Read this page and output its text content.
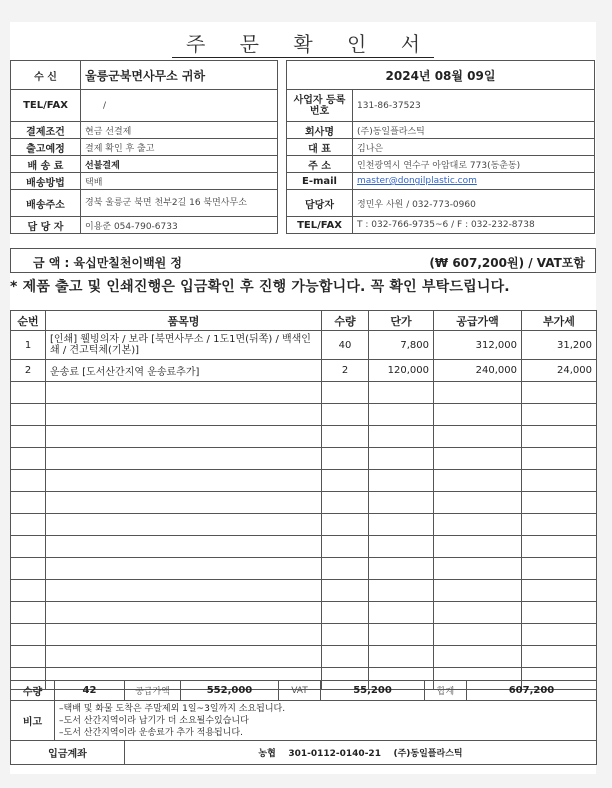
주 문 확 인 서
수 신	울릉군북면사무소 귀하
TEL/FAX	/
결제조건	현금 선결제
출고예정	결제 확인 후 출고
배 송 료	선불결제
배송방법	택배
배송주소	경북 울릉군 북면 천부2길 16 북면사무소
담 당 자	이용준 054-790-6733
2024년 08월 09일	
사업자 등록번호	131-86-37523
회사명	(주)동일플라스틱
대 표	김나은
주 소	인천광역시 연수구 아암대로 773(동춘동)
E-mail	master@dongilplastic.com
담당자	정민우 사원 / 032-773-0960
TEL/FAX	T : 032-766-9735~6 / F : 032-232-8738
금 액 : 육십만칠천이백원 정	(₩ 607,200원) / VAT포함
* 제품 출고 및 인쇄진행은 입금확인 후 진행 가능합니다. 꼭 확인 부탁드립니다.
순번	품목명	수량	단가	공급가액	부가세
1	[인쇄] 웰빙의자 / 보라 [북면사무소 / 1도1면(뒤쪽) / 백색인쇄 / 견고턱체(기본)]	40	7,800	312,000	31,200
2	운송료 [도서산간지역 운송료추가]	2	120,000	240,000	24,000

수량	42	공급가액	552,000	VAT	55,200	합계	607,200
비고	–택배 및 화물 도착은 주말제외 1일~3일까지 소요됩니다.
–도서 산간지역이라 납기가 더 소요될수있습니다
–도서 산간지역이라 운송료가 추가 적용됩니다.						

입금계좌		농협    301-0112-0140-21    (주)동일플라스틱					
